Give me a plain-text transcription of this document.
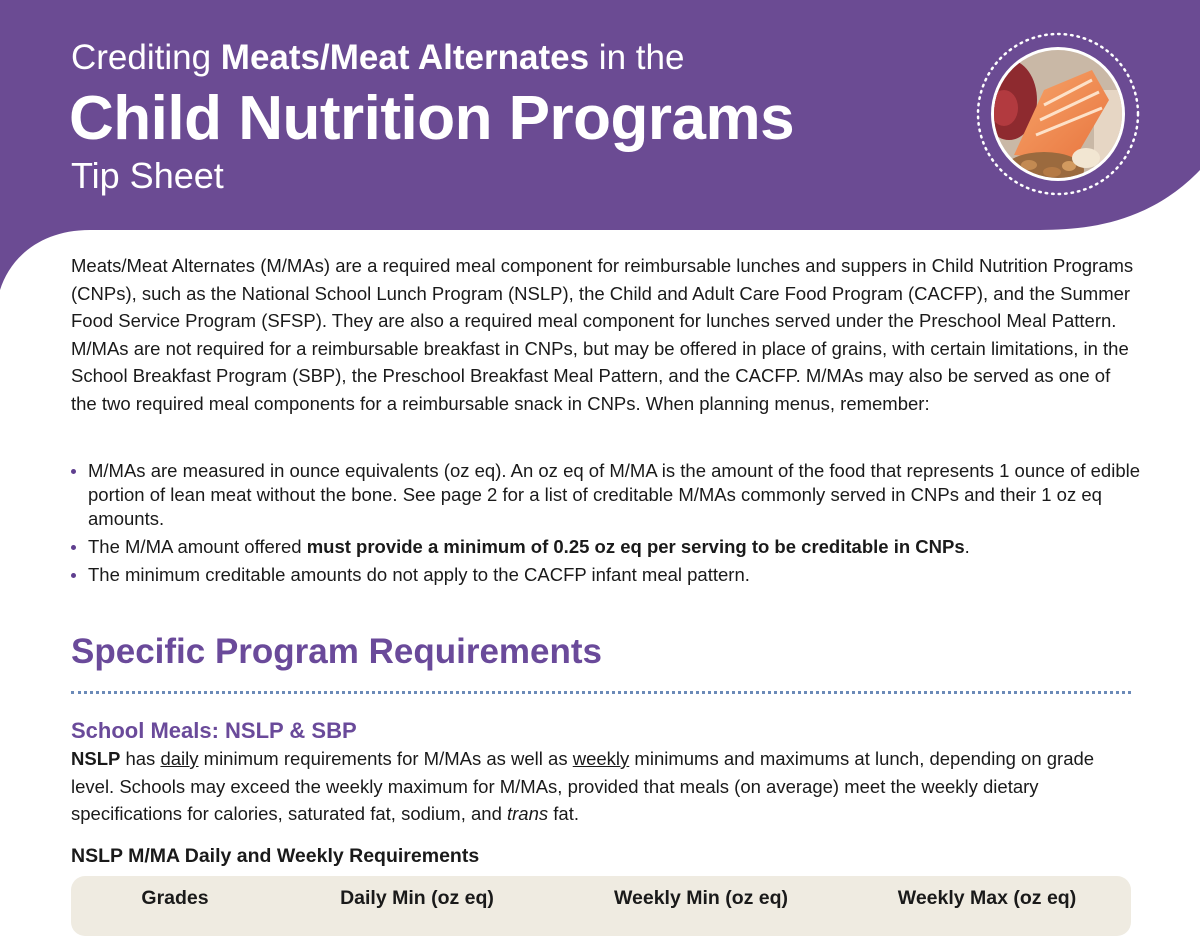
Crediting Meats/Meat Alternates in the
Child Nutrition Programs
Tip Sheet

Meats/Meat Alternates (M/MAs) are a required meal component for reimbursable lunches and suppers in Child Nutrition Programs (CNPs), such as the National School Lunch Program (NSLP), the Child and Adult Care Food Program (CACFP), and the Summer Food Service Program (SFSP). They are also a required meal component for lunches served under the Preschool Meal Pattern. M/MAs are not required for a reimbursable breakfast in CNPs, but may be offered in place of grains, with certain limitations, in the School Breakfast Program (SBP), the Preschool Breakfast Meal Pattern, and the CACFP. M/MAs may also be served as one of the two required meal components for a reimbursable snack in CNPs. When planning menus, remember:

M/MAs are measured in ounce equivalents (oz eq). An oz eq of M/MA is the amount of the food that represents 1 ounce of edible portion of lean meat without the bone. See page 2 for a list of creditable M/MAs commonly served in CNPs and their 1 oz eq amounts.
The M/MA amount offered must provide a minimum of 0.25 oz eq per serving to be creditable in CNPs.
The minimum creditable amounts do not apply to the CACFP infant meal pattern.
Specific Program Requirements
School Meals: NSLP & SBP

NSLP has daily minimum requirements for M/MAs as well as weekly minimums and maximums at lunch, depending on grade level. Schools may exceed the weekly maximum for M/MAs, provided that meals (on average) meet the weekly dietary specifications for calories, saturated fat, sodium, and trans fat.

NSLP M/MA Daily and Weekly Requirements
Grades	Daily Min (oz eq)	Weekly Min (oz eq)	Weekly Max (oz eq)
